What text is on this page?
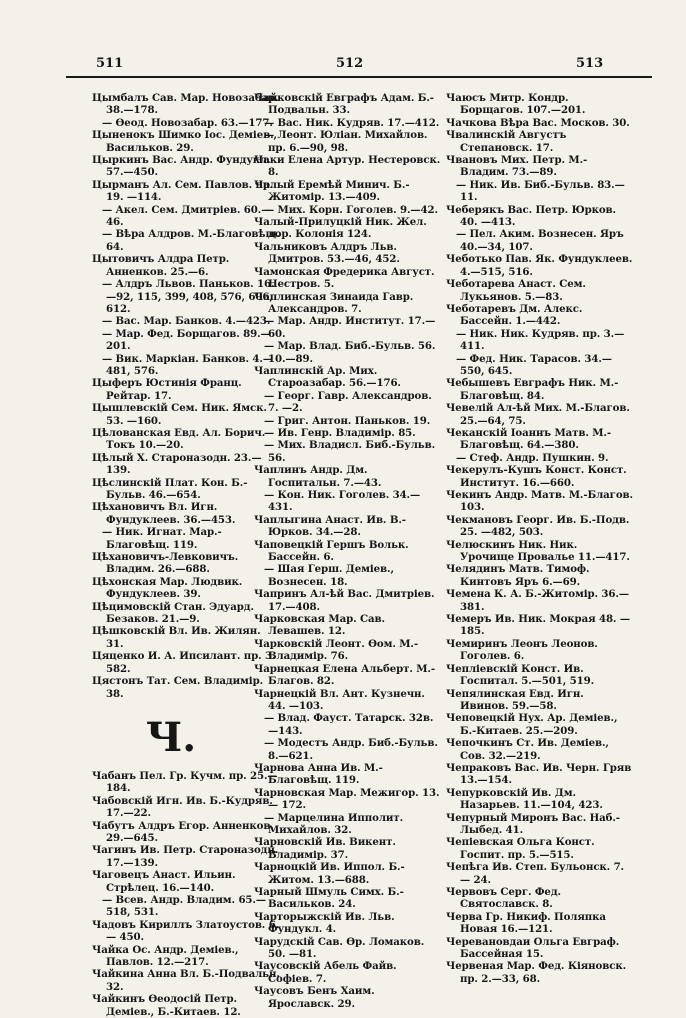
511	512	513

Цымбалъ Сав. Мар. Новозабар. 38.—178.

— Өеод. Новозабар. 63.—177.

Цыненокъ Шимко Іос. Деміев., Васильков. 29.

Цыркинъ Вас. Андр. Фундукл. 57.—450.

Цырманъ Ал. Сем. Павлов. пр. 19. —114.

— Акел. Сем. Дмитріев. 60.— 46.

— Вѣра Алдров. М.-Благовѣщ. 64.

Цытовичъ Алдра Петр. Анненков. 25.—6.

— Алдръ Львов. Паньков. 16. —92, 115, 399, 408, 576, 606, 612.

— Вас. Мар. Банков. 4.—423.

— Мар. Фед. Борщагов. 89.— 201.

— Вик. Маркіан. Банков. 4.— 481, 576.

Цыферъ Юстинія Франц. Рейтар. 17.

Цышлевскій Сем. Ник. Ямск. 53. —160.

Цѣлованская Евд. Ал. Борич. Токъ 10.—20.

Цѣлый Х. Староназодн. 23.— 139.

Цѣслинскій Плат. Кон. Б.-Бульв. 46.—654.

Цѣхановичъ Вл. Игн. Фундуклеев. 36.—453.

— Ник. Игнат. Мар.-Благовѣщ. 119.

Цѣхановичъ-Левковичъ. Владим. 26.—688.

Цѣхонская Мар. Людвик. Фундуклеев. 39.

Цѣцимовскій Стан. Эдуард. Безаков. 21.—9.

Цѣшковскій Вл. Ив. Жилян. 31.

Цяценко И. А. Ипсилант. пр. 3. 582.

Цястонъ Тат. Сем. Владимір. 38.

Ч.

Чабанъ Пел. Гр. Кучм. пр. 25.— 184.

Чабовскій Игн. Ив. Б.-Кудряв. 17.—22.

Чабутъ Алдръ Егор. Анненков. 29.—645.

Чагинъ Ив. Петр. Староназодн. 17.—139.

Чаговецъ Анаст. Ильин. Стрѣлец. 16.—140.

— Всев. Андр. Владим. 65.— 518, 531.

Чадовъ Кириллъ Златоустов. 6.— 450.

Чайка Ос. Андр. Деміев., Павлов. 12.—217.

Чайкина Анна Вл. Б.-Подвальн. 32.

Чайкинъ Өеодосій Петр. Деміев., Б.-Китаев. 12.

Чайковскій Евграфъ Адам. Б.-Подвальн. 33.

— Вас. Ник. Кудряв. 17.—412.

— Леонт. Юліан. Михайлов. пр. 6.—90, 98.

Чаки Елена Артур. Нестеровск. 8.

Чалый Еремѣй Минич. Б.-Житомір. 13.—409.

— Мих. Корн. Гоголев. 9.—42.

Чалый-Прилуцкій Ник. Жел. дор. Колонія 124.

Чальниковъ Алдръ Льв. Дмитров. 53.—46, 452.

Чамонская Фредерика Август. Нестров. 5.

Чаплинская Зинаида Гавр. Александров. 7.

— Мар. Андр. Институт. 17.— 60.

— Мар. Влад. Биб.-Бульв. 56. 10.—89.

Чаплинскій Ар. Мих. Староазабар. 56.—176.

— Георг. Гавр. Александров. 7. —2.

— Григ. Антон. Паньков. 19.

— Ив. Генр. Владимір. 85.

— Мих. Владисл. Биб.-Бульв. 56.

Чаплинъ Андр. Дм. Госпитальн. 7.—43.

— Кон. Ник. Гоголев. 34.—431.

Чаплыгина Анаст. Ив. В.-Юрков. 34.—28.

Чаповецкій Гершъ Вольк. Бассейн. 6.

— Шая Герш. Деміев., Вознесен. 18.

Чапринъ Ал-ѣй Вас. Дмитріев. 17.—408.

Чарковская Мар. Сав. Левашев. 12.

Чарковскій Леонт. Өом. М.-Владимір. 76.

Чарнецкая Елена Альберт. М.-Благов. 82.

Чарнецкій Вл. Ант. Кузнечн. 44. —103.

— Влад. Фауст. Татарск. 32в. —143.

— Модестъ Андр. Биб.-Бульв. 8.—621.

Чарнова Анна Ив. М.-Благовѣщ. 119.

Чарновская Мар. Межигор. 13.— 172.

— Марцелина Ипполит. Михайлов. 32.

Чарновскій Ив. Викент. Владимір. 37.

Чарноцкій Ив. Иппол. Б.-Житом. 13.—688.

Чарный Шмуль Симх. Б.-Васильков. 24.

Чарторыжскій Ив. Льв. Фундукл. 4.

Чарудскій Сав. Өр. Ломаков. 50. —81.

Чаусовскій Абель Файв. Софіев. 7.

Чаусовъ Бенъ Хаим. Ярославск. 29.

Чаюсъ Митр. Кондр. Борщагов. 107.—201.

Чачкова Вѣра Вас. Москов. 30.

Чвалинскій Августъ Степановск. 17.

Чвановъ Мих. Петр. М.-Владим. 73.—89.

— Ник. Ив. Биб.-Бульв. 83.— 11.

Чеберякъ Вас. Петр. Юрков. 40. —413.

— Пел. Аким. Вознесен. Яръ 40.—34, 107.

Чеботько Пав. Як. Фундуклеев. 4.—515, 516.

Чеботарева Анаст. Сем. Лукьянов. 5.—83.

Чеботаревъ Дм. Алекс. Бассейн. 1.—442.

— Ник. Ник. Кудряв. пр. 3.— 411.

— Фед. Ник. Тарасов. 34.— 550, 645.

Чебышевъ Евграфъ Ник. М.-Благовѣщ. 84.

Чевелій Ал-ѣй Мих. М.-Благов. 25.—64, 75.

Чеканскій Іоаннъ Матв. М.-Благовѣщ. 64.—380.

— Стеф. Андр. Пушкин. 9.

Чекерулъ-Кушъ Конст. Конст. Институт. 16.—660.

Чекинъ Андр. Матв. М.-Благов. 103.

Чекмановъ Георг. Ив. Б.-Подв. 25. —482, 503.

Челюскинъ Ник. Ник. Урочище Провалье 11.—417.

Челядинъ Матв. Тимоф. Кинтовъ Яръ 6.—69.

Чемена К. А. Б.-Житомір. 36.— 381.

Чемеръ Ив. Ник. Мокрая 48. —185.

Чемиринъ Леонъ Леонов. Гоголев. 6.

Чепліевскій Конст. Ив. Госпитал. 5.—501, 519.

Чепялинская Евд. Игн. Ивинов. 59.—58.

Чеповецкій Нух. Ар. Деміев., Б.-Китаев. 25.—209.

Чепочкинъ Ст. Ив. Деміев., Сов. 32.—219.

Чепраковъ Вас. Ив. Черн. Гряв 13.—154.

Чепурковскій Ив. Дм. Назарьев. 11.—104, 423.

Чепурный Миронъ Вас. Наб.-Лыбед. 41.

Чепіевская Ольга Конст. Госпит. пр. 5.—515.

Чепѣга Ив. Степ. Бульонск. 7.— 24.

Червовъ Серг. Фед. Святославск. 8.

Черва Гр. Никиф. Поляпка Новая 16.—121.

Черевановдаи Ольга Евграф. Бассейная 15.

Червеная Мар. Фед. Кіяновск. пр. 2.—33, 68.
